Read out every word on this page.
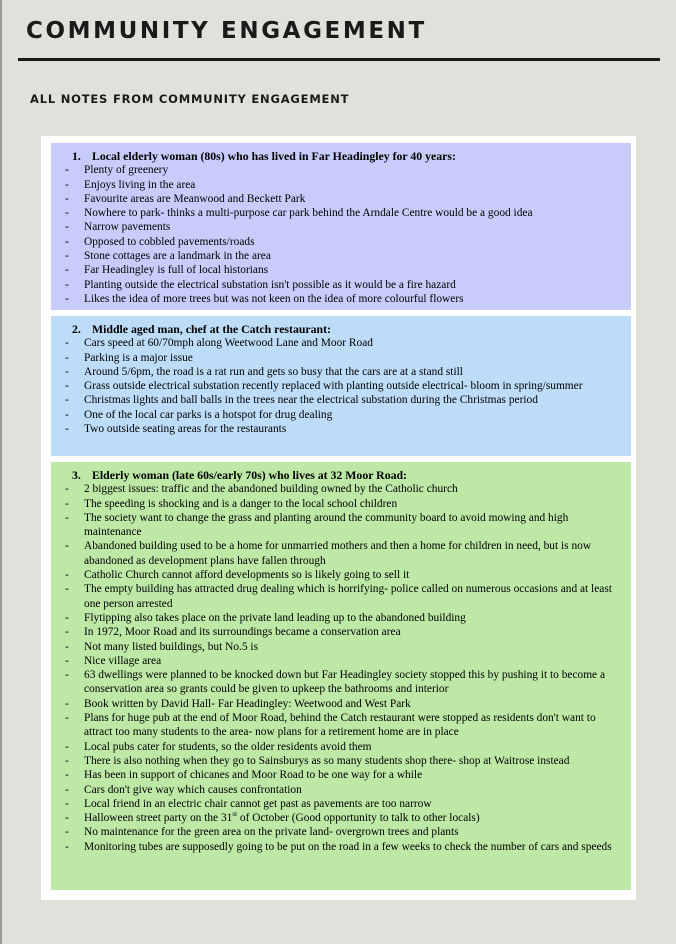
COMMUNITY ENGAGEMENT
ALL NOTES FROM COMMUNITY ENGAGEMENT
1. Local elderly woman (80s) who has lived in Far Headingley for 40 years:
-	Plenty of greenery
-	Enjoys living in the area
-	Favourite areas are Meanwood and Beckett Park
-	Nowhere to park- thinks a multi-purpose car park behind the Arndale Centre would be a good idea
-	Narrow pavements
-	Opposed to cobbled pavements/roads
-	Stone cottages are a landmark in the area
-	Far Headingley is full of local historians
-	Planting outside the electrical substation isn't possible as it would be a fire hazard
-	Likes the idea of more trees but was not keen on the idea of more colourful flowers
2. Middle aged man, chef at the Catch restaurant:
-	Cars speed at 60/70mph along Weetwood Lane and Moor Road
-	Parking is a major issue
-	Around 5/6pm, the road is a rat run and gets so busy that the cars are at a stand still
-	Grass outside electrical substation recently replaced with planting outside electrical- bloom in spring/summer
-	Christmas lights and ball balls in the trees near the electrical substation during the Christmas period
-	One of the local car parks is a hotspot for drug dealing
-	Two outside seating areas for the restaurants
3. Elderly woman (late 60s/early 70s) who lives at 32 Moor Road:
-	2 biggest issues: traffic and the abandoned building owned by the Catholic church
-	The speeding is shocking and is a danger to the local school children
-	The society want to change the grass and planting around the community board to avoid mowing and high maintenance
-	Abandoned building used to be a home for unmarried mothers and then a home for children in need, but is now abandoned as development plans have fallen through
-	Catholic Church cannot afford developments so is likely going to sell it
-	The empty building has attracted drug dealing which is horrifying- police called on numerous occasions and at least one person arrested
-	Flytipping also takes place on the private land leading up to the abandoned building
-	In 1972, Moor Road and its surroundings became a conservation area
-	Not many listed buildings, but No.5 is
-	Nice village area
-	63 dwellings were planned to be knocked down but Far Headingley society stopped this by pushing it to become a conservation area so grants could be given to upkeep the bathrooms and interior
-	Book written by David Hall- Far Headingley: Weetwood and West Park
-	Plans for huge pub at the end of Moor Road, behind the Catch restaurant were stopped as residents don't want to attract too many students to the area- now plans for a retirement home are in place
-	Local pubs cater for students, so the older residents avoid them
-	There is also nothing when they go to Sainsburys as so many students shop there- shop at Waitrose instead
-	Has been in support of chicanes and Moor Road to be one way for a while
-	Cars don't give way which causes confrontation
-	Local friend in an electric chair cannot get past as pavements are too narrow
-	Halloween street party on the 31st of October (Good opportunity to talk to other locals)
-	No maintenance for the green area on the private land- overgrown trees and plants
-	Monitoring tubes are supposedly going to be put on the road in a few weeks to check the number of cars and speeds
